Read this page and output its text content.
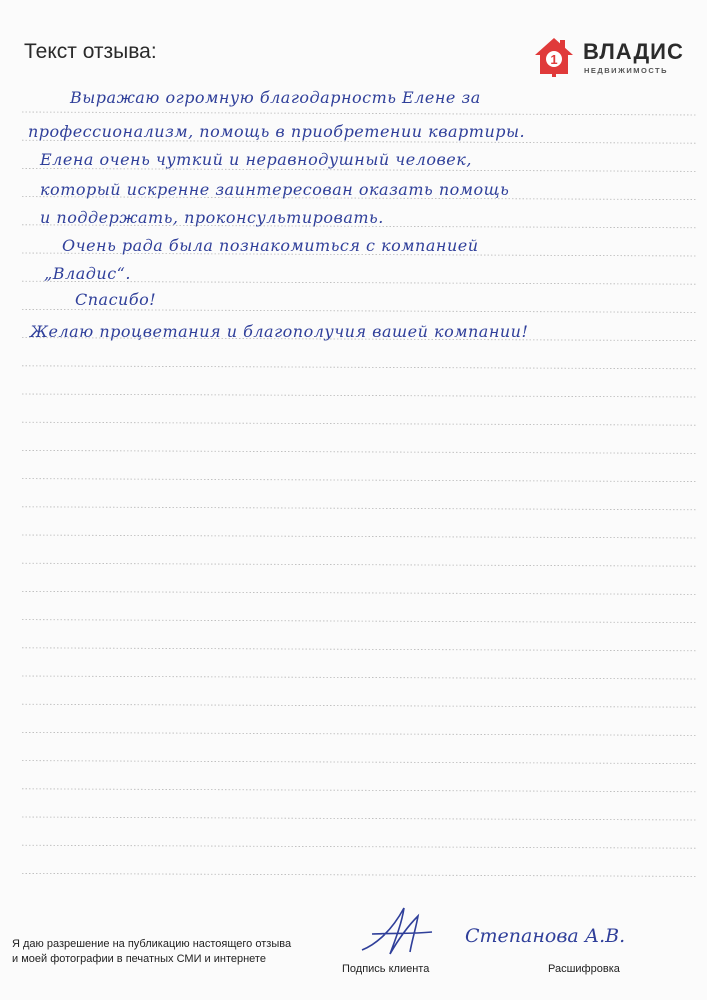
Текст отзыва:	1 ВЛАДИС
НЕДВИЖИМОСТЬ
Выражаю огромную благодарность Елене за
профессионализм, помощь в приобретении квартиры.
Елена очень чуткий и неравнодушный человек,
который искренне заинтересован оказать помощь
и поддержать, проконсультировать.
Очень рада была познакомиться с компанией
„Владис“.
Спасибо!
Желаю процветания и благополучия вашей компании!
Я даю разрешение на публикацию настоящего отзыва
и моей фотографии в печатных СМИ и интернете
Степанова А.В.
Подпись клиента	Расшифровка
